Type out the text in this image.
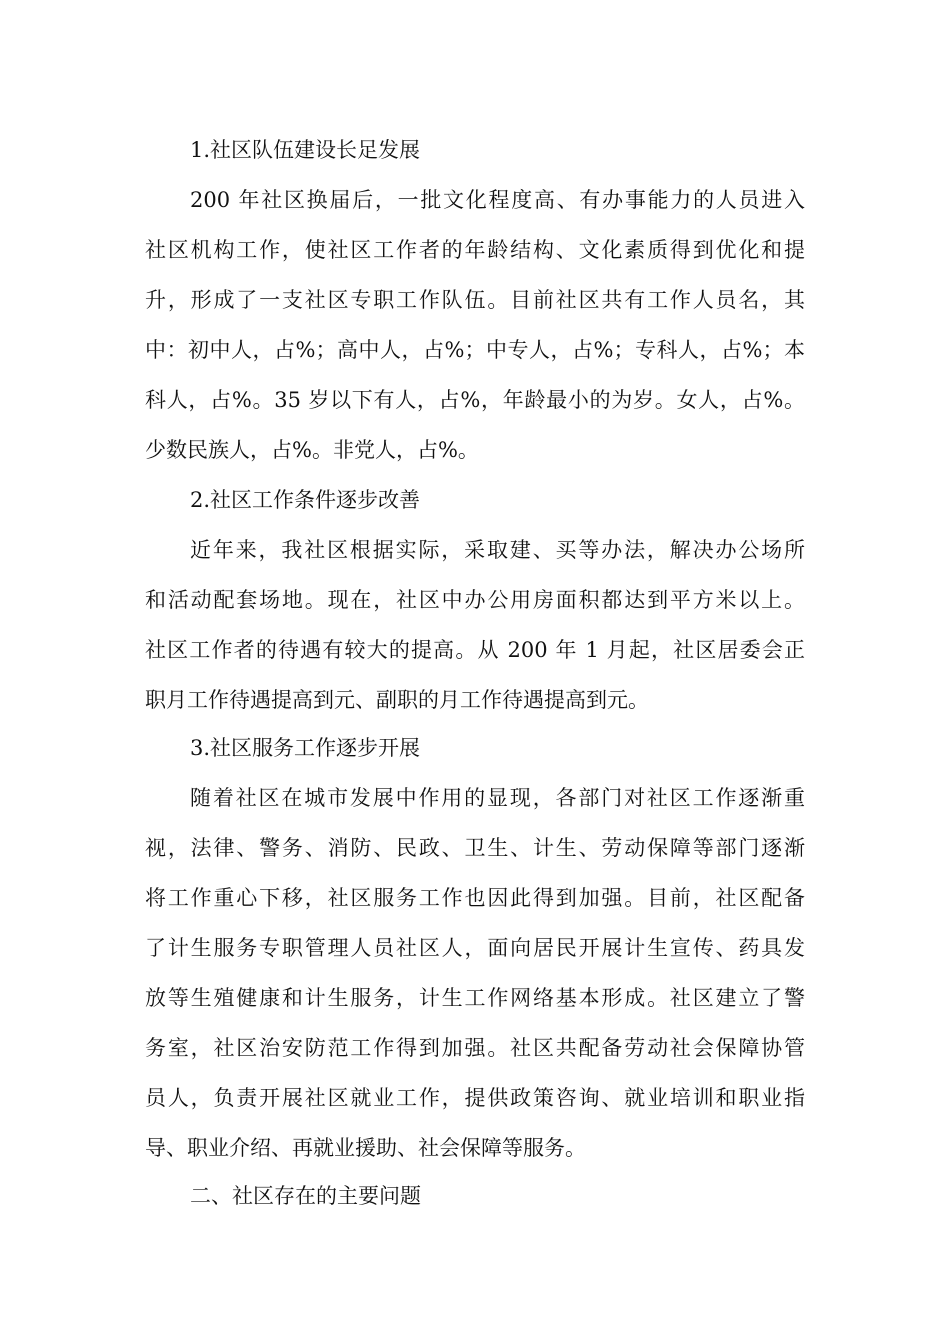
1.社区队伍建设长足发展
200 年社区换届后，一批文化程度高、有办事能力的人员进入
社区机构工作，使社区工作者的年龄结构、文化素质得到优化和提
升，形成了一支社区专职工作队伍。目前社区共有工作人员名，其
中：初中人，占%；高中人，占%；中专人，占%；专科人，占%；本
科人，占%。35 岁以下有人，占%，年龄最小的为岁。女人，占%。
少数民族人，占%。非党人，占%。
2.社区工作条件逐步改善
近年来，我社区根据实际，采取建、买等办法，解决办公场所
和活动配套场地。现在，社区中办公用房面积都达到平方米以上。
社区工作者的待遇有较大的提高。从 200 年 1 月起，社区居委会正
职月工作待遇提高到元、副职的月工作待遇提高到元。
3.社区服务工作逐步开展
随着社区在城市发展中作用的显现，各部门对社区工作逐渐重
视，法律、警务、消防、民政、卫生、计生、劳动保障等部门逐渐
将工作重心下移，社区服务工作也因此得到加强。目前，社区配备
了计生服务专职管理人员社区人，面向居民开展计生宣传、药具发
放等生殖健康和计生服务，计生工作网络基本形成。社区建立了警
务室，社区治安防范工作得到加强。社区共配备劳动社会保障协管
员人，负责开展社区就业工作，提供政策咨询、就业培训和职业指
导、职业介绍、再就业援助、社会保障等服务。
二、社区存在的主要问题
